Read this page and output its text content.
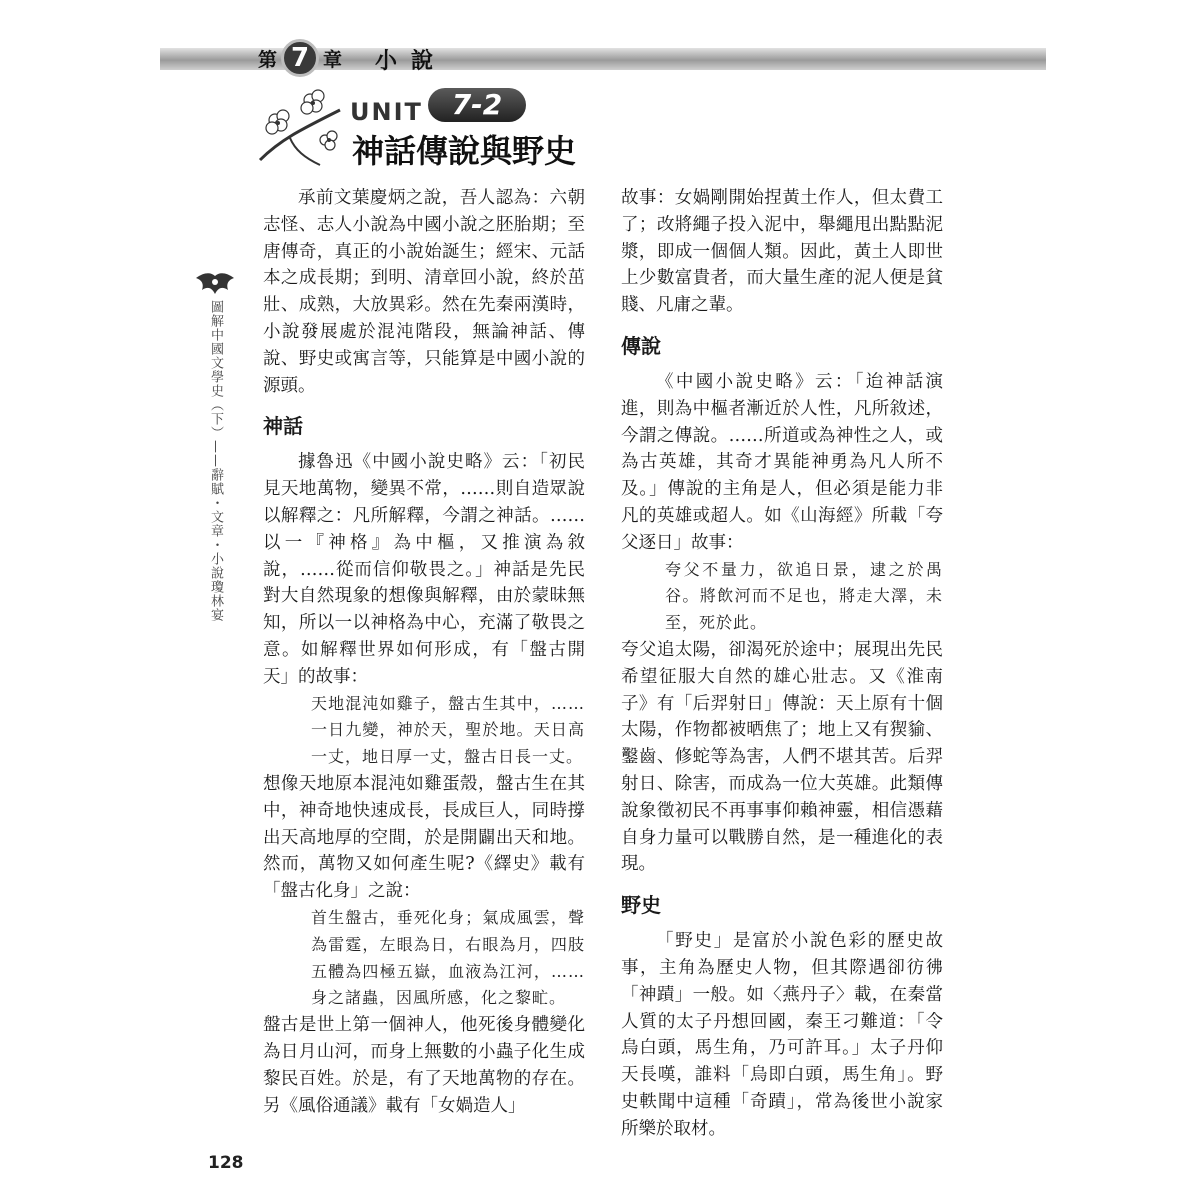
第 7 章 小說
UNIT	7-2
神話傳說與野史
圖解中國文學史（下）——辭賦・文章・小說瓊林宴

承前文葉慶炳之說，吾人認為：六朝志怪、志人小說為中國小說之胚胎期；至唐傳奇，真正的小說始誕生；經宋、元話本之成長期；到明、清章回小說，終於茁壯、成熟，大放異彩。然在先秦兩漢時，小說發展處於混沌階段，無論神話、傳說、野史或寓言等，只能算是中國小說的源頭。

神話

據魯迅《中國小說史略》云：「初民見天地萬物，變異不常，……則自造眾說以解釋之：凡所解釋，今謂之神話。……以一『神格』為中樞，又推演為敘說，……從而信仰敬畏之。」神話是先民對大自然現象的想像與解釋，由於蒙昧無知，所以一以神格為中心，充滿了敬畏之意。如解釋世界如何形成，有「盤古開天」的故事：

天地混沌如雞子，盤古生其中，……一日九變，神於天，聖於地。天日高一丈，地日厚一丈，盤古日長一丈。

想像天地原本混沌如雞蛋殼，盤古生在其中，神奇地快速成長，長成巨人，同時撐出天高地厚的空間，於是開闢出天和地。然而，萬物又如何產生呢?《繹史》載有「盤古化身」之說：

首生盤古，垂死化身；氣成風雲，聲為雷霆，左眼為日，右眼為月，四肢五體為四極五嶽，血液為江河，……身之諸蟲，因風所感，化之黎甿。

盤古是世上第一個神人，他死後身體變化為日月山河，而身上無數的小蟲子化生成黎民百姓。於是，有了天地萬物的存在。另《風俗通議》載有「女媧造人」

故事：女媧剛開始捏黃土作人，但太費工了；改將繩子投入泥中，舉繩甩出點點泥漿，即成一個個人類。因此，黃土人即世上少數富貴者，而大量生產的泥人便是貧賤、凡庸之輩。

傳說

《中國小說史略》云：「迨神話演進，則為中樞者漸近於人性，凡所敘述，今謂之傳說。……所道或為神性之人，或為古英雄，其奇才異能神勇為凡人所不及。」傳說的主角是人，但必須是能力非凡的英雄或超人。如《山海經》所載「夸父逐日」故事：

夸父不量力，欲追日景，逮之於禺谷。將飲河而不足也，將走大澤，未至，死於此。

夸父追太陽，卻渴死於途中；展現出先民希望征服大自然的雄心壯志。又《淮南子》有「后羿射日」傳說：天上原有十個太陽，作物都被晒焦了；地上又有猰貐、鑿齒、修蛇等為害，人們不堪其苦。后羿射日、除害，而成為一位大英雄。此類傳說象徵初民不再事事仰賴神靈，相信憑藉自身力量可以戰勝自然，是一種進化的表現。

野史

「野史」是富於小說色彩的歷史故事，主角為歷史人物，但其際遇卻彷彿「神蹟」一般。如〈燕丹子〉載，在秦當人質的太子丹想回國，秦王刁難道：「令烏白頭，馬生角，乃可許耳。」太子丹仰天長嘆，誰料「烏即白頭，馬生角」。野史軼聞中這種「奇蹟」，常為後世小說家所樂於取材。

128
